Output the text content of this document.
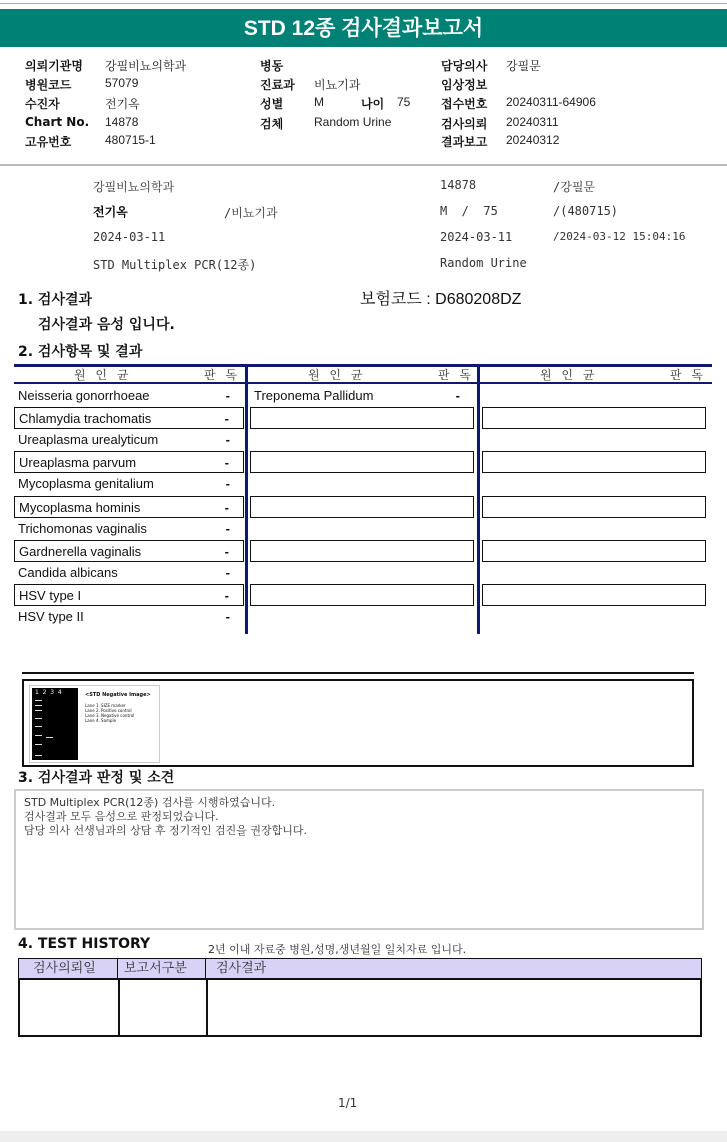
STD 12종 검사결과보고서
의뢰기관명 강필비뇨의학과
병원코드	57079
수진자	전기옥
Chart No. 14878
고유번호	480715-1
병동
진료과 비뇨기과
성별	M
검체	Random Urine
나이 75
담당의사 강필문
임상정보
접수번호 20240311-64906
검사의뢰 20240311
결과보고 20240312
강필비뇨의학과	14878	/강필문
전기옥	/비뇨기과	M  /  75	/(480715)
2024-03-11	2024-03-11	/2024-03-12 15:04:16
STD Multiplex PCR(12종)	Random Urine
1. 검사결과
검사결과 음성 입니다.
보험코드 : D680208DZ
2. 검사항목 및 결과
원 인 균	판 독	원 인 균	판 독	원 인 균	판 독
Neisseria gonorrhoeae	-	Treponema Pallidum	-
Chlamydia trachomatis	-
Ureaplasma urealyticum	-
Ureaplasma parvum	-
Mycoplasma genitalium	-
Mycoplasma hominis	-
Trichomonas vaginalis	-
Gardnerella vaginalis	-
Candida albicans	-
HSV type I	-
HSV type II	-
1  2  3  4	<STD Negative Image>
Lane 1. SIZE marker
Lane 2. Positive control
Lane 3. Negative control
Lane 4. Sample
3. 검사결과 판정 및 소견
STD Multiplex PCR(12종) 검사를 시행하였습니다.
검사결과 모두 음성으로 판정되었습니다.
담당 의사 선생님과의 상담 후 정기적인 검진을 권장합니다.
4. TEST HISTORY	2년 이내 자료중 병원,성명,생년월일 일치자료 입니다.
검사의뢰일	보고서구분	검사결과
1/1
